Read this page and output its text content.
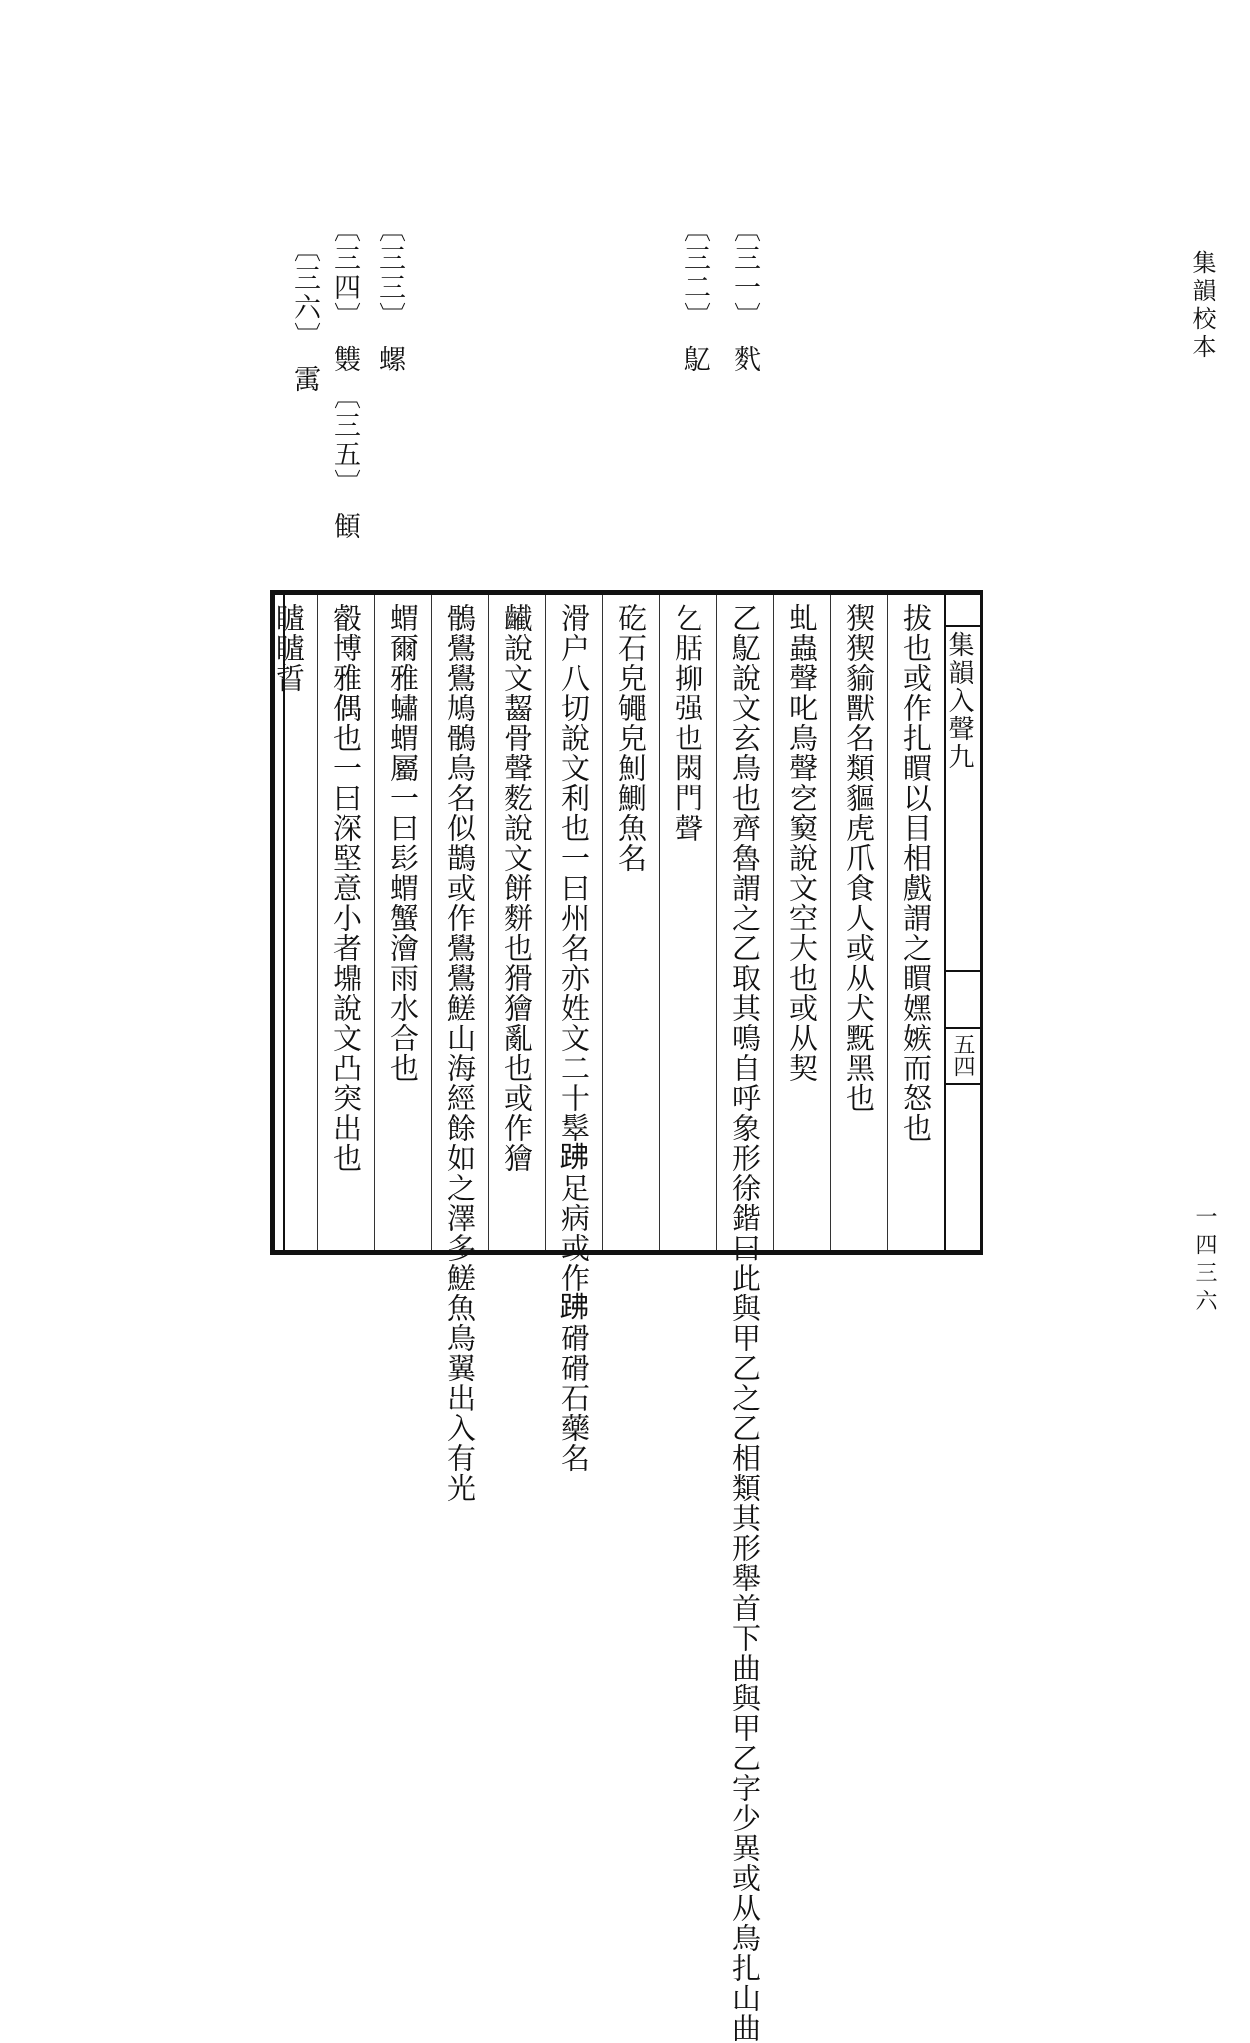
集韻校本
一四三六
〔三一〕
䴬
〔三二〕
鳦
〔三三〕
螺
〔三四〕
䨇
〔三五〕
顀
〔三六〕
䨞
集韻入聲九
五四
拔也或作扎䁲以目相戲謂之䁲嫼嫉而怒也
猰猰貐獸名類貙虎爪食人或从犬黖黑也
虬蟲聲叱鳥聲穵窫說文空大也或从契
乙鳦說文玄鳥也齊魯謂之乙取其鳴自呼象形徐鍇曰此與甲乙之乙相類其形舉首下曲與甲乙字少異或从鳥扎山曲
𠃉䏦㧕强也閖門聲
矻石皃䵶皃魝鰂魚名
滑户八切說文利也一曰州名亦姓文二十䯿𧿳足病或作𧿳磆磆石藥名
䶪說文齧骨聲麧說文餅䴵也猾獪亂也或作獪
鶻鷽鷽鳩鶻鳥名似鵲或作鷽鷽䱹山海經餘如之澤多䱹魚鳥翼出入有光
蝟爾雅蟰蝟屬一曰髟蝟蟹澮雨水合也
㲊博雅偶也一曰深堅意小者䵺說文凸突出也
䁦䁦䀸
